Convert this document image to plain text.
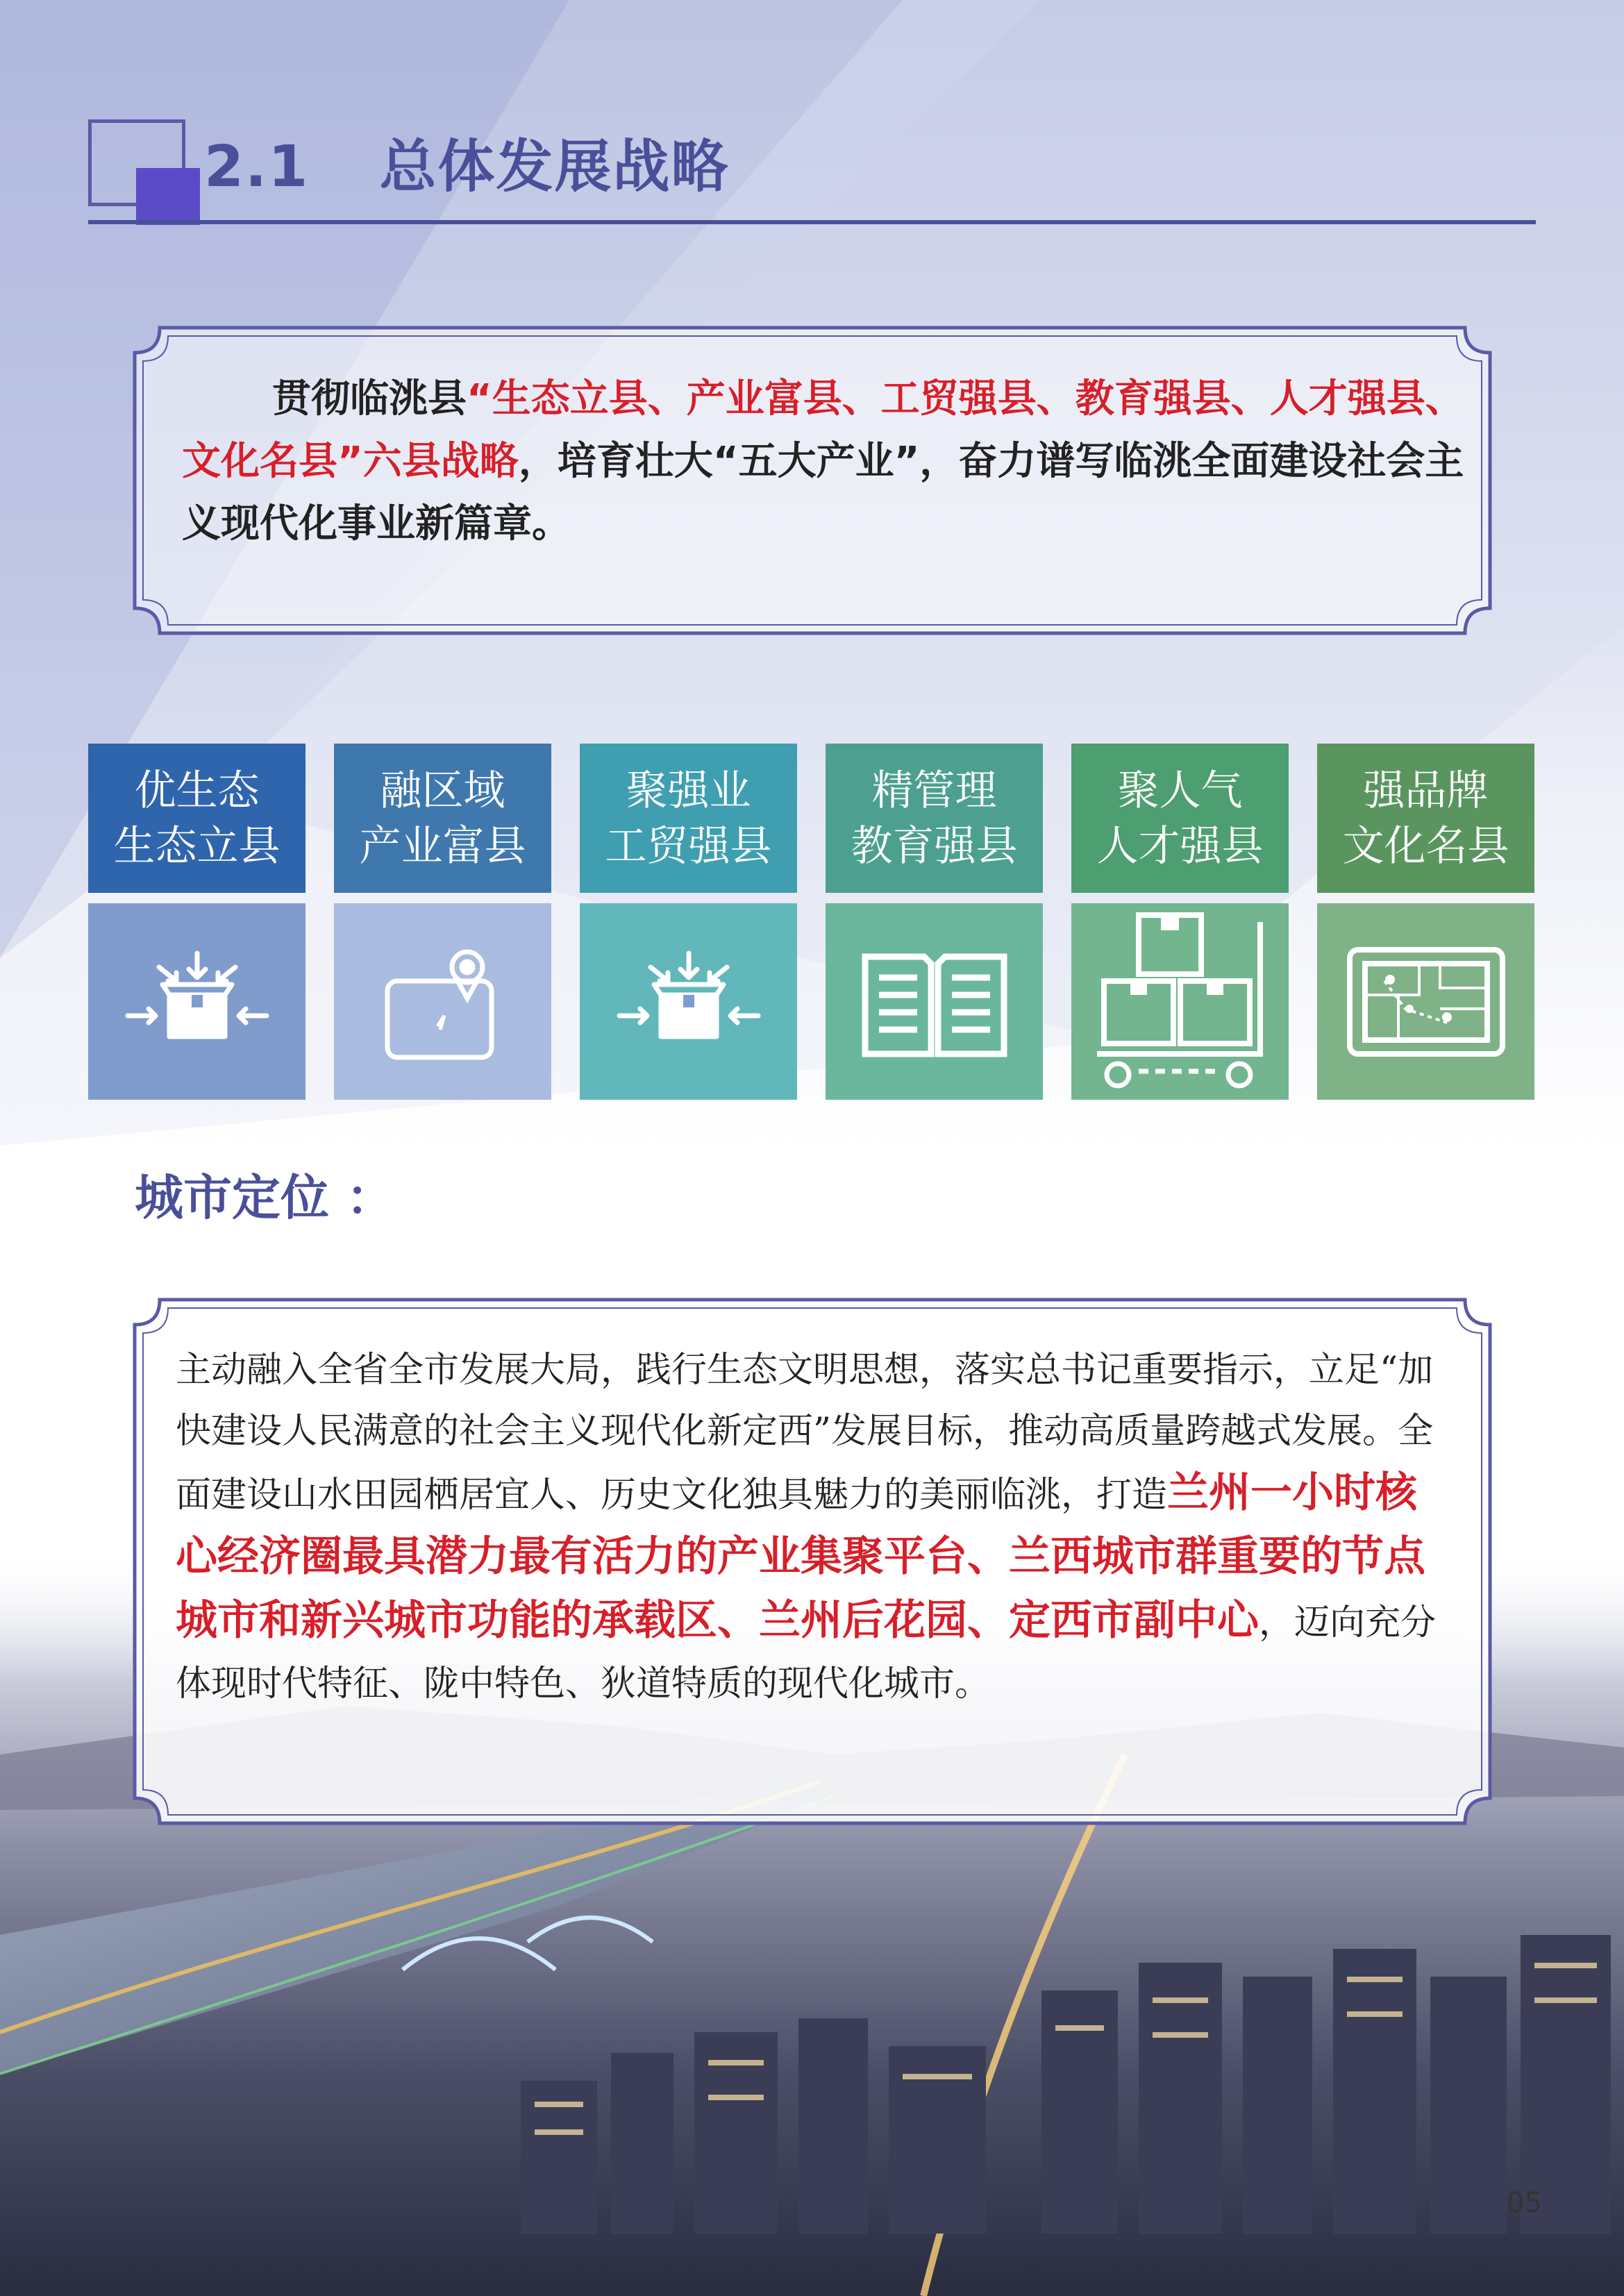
2.1 总体发展战略
贯彻临洮县“生态立县、产业富县、工贸强县、教育强县、人才强县、文化名县”六县战略，培育壮大“五大产业”，奋力谱写临洮全面建设社会主义现代化事业新篇章。
优生态
生态立县
融区域
产业富县
聚强业
工贸强县
精管理
教育强县
聚人气
人才强县
强品牌
文化名县
城市定位 ：
主动融入全省全市发展大局，践行生态文明思想，落实总书记重要指示，立足“加快建设人民满意的社会主义现代化新定西”发展目标，推动高质量跨越式发展。全面建设山水田园栖居宜人、历史文化独具魅力的美丽临洮，打造兰州一小时核心经济圈最具潜力最有活力的产业集聚平台、兰西城市群重要的节点城市和新兴城市功能的承载区、兰州后花园、定西市副中心，迈向充分体现时代特征、陇中特色、狄道特质的现代化城市。
05
